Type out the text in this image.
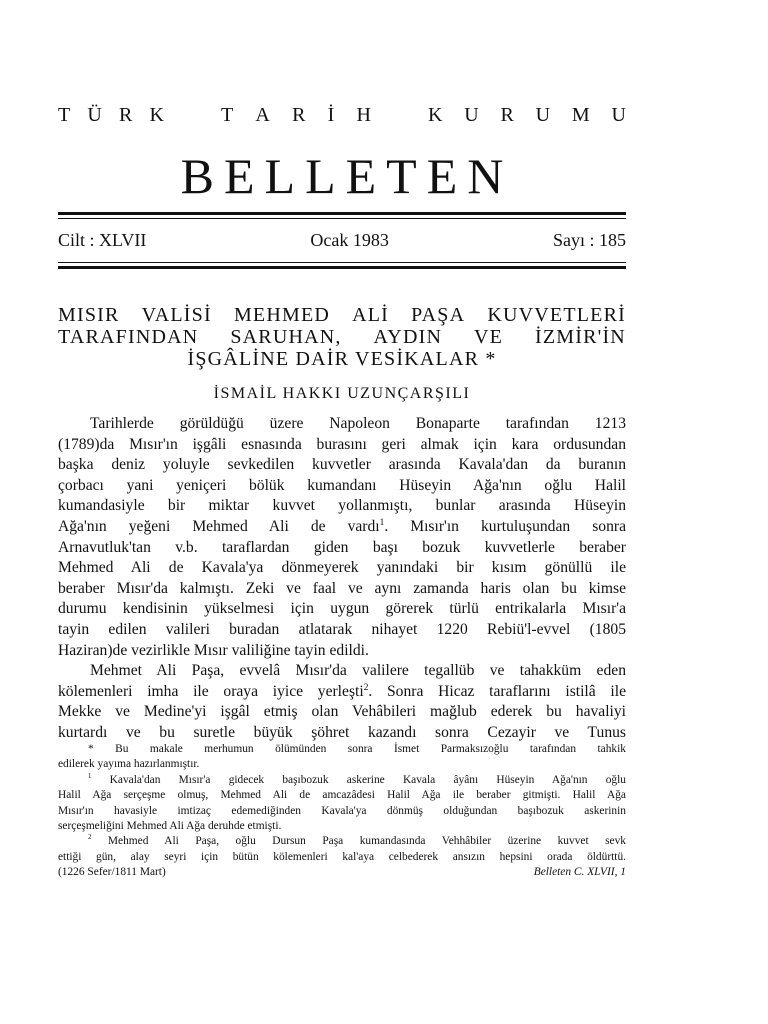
T Ü R K	T A R İ H	K U R U M U
BELLETEN
Cilt : XLVII	Ocak 1983	Sayı : 185
MISIR VALİSİ MEHMED ALİ PAŞA KUVVETLERİ
TARAFINDAN SARUHAN, AYDIN VE İZMİR'İN
İŞGÂLİNE DAİR VESİKALAR *
İSMAİL HAKKI UZUNÇARŞILI
Tarihlerde görüldüğü üzere Napoleon Bonaparte tarafından 1213
(1789)da Mısır'ın işgâli esnasında burasını geri almak için kara ordusundan
başka deniz yoluyle sevkedilen kuvvetler arasında Kavala'dan da buranın
çorbacı yani yeniçeri bölük kumandanı Hüseyin Ağa'nın oğlu Halil
kumandasiyle bir miktar kuvvet yollanmıştı, bunlar arasında Hüseyin
Ağa'nın yeğeni Mehmed Ali de vardı$^1$. Mısır'ın kurtuluşundan sonra
Arnavutluk'tan v.b. taraflardan giden başı bozuk kuvvetlerle beraber
Mehmed Ali de Kavala'ya dönmeyerek yanındaki bir kısım gönüllü ile
beraber Mısır'da kalmıştı. Zeki ve faal ve aynı zamanda haris olan bu kimse
durumu kendisinin yükselmesi için uygun görerek türlü entrikalarla Mısır'a
tayin edilen valileri buradan atlatarak nihayet 1220 Rebiü'l-evvel (1805
Haziran)de vezirlikle Mısır valiliğine tayin edildi.
Mehmet Ali Paşa, evvelâ Mısır'da valilere tegallüb ve tahakküm eden
kölemenleri imha ile oraya iyice yerleşti$^2$. Sonra Hicaz taraflarını istilâ ile
Mekke ve Medine'yi işgâl etmiş olan Vehâbileri mağlub ederek bu havaliyi
kurtardı ve bu suretle büyük şöhret kazandı sonra Cezayir ve Tunus
* Bu makale merhumun ölümünden sonra İsmet Parmaksızoğlu tarafından tahkik
edilerek yayıma hazırlanmıştır.
$^1$ Kavala'dan Mısır'a gidecek başıbozuk askerine Kavala âyânı Hüseyin Ağa'nın oğlu
Halil Ağa serçeşme olmuş, Mehmed Ali de amcazâdesi Halil Ağa ile beraber gitmişti. Halil Ağa
Mısır'ın havasiyle imtizaç edemediğinden Kavala'ya dönmüş olduğundan başıbozuk askerinin
serçeşmeliğini Mehmed Ali Ağa deruhde etmişti.
$^2$ Mehmed Ali Paşa, oğlu Dursun Paşa kumandasında Vehhâbiler üzerine kuvvet sevk
ettiği gün, alay seyri için bütün kölemenleri kal'aya celbederek ansızın hepsini orada öldürttü.
(1226 Sefer/1811 Mart)	Belleten C. XLVII, 1
